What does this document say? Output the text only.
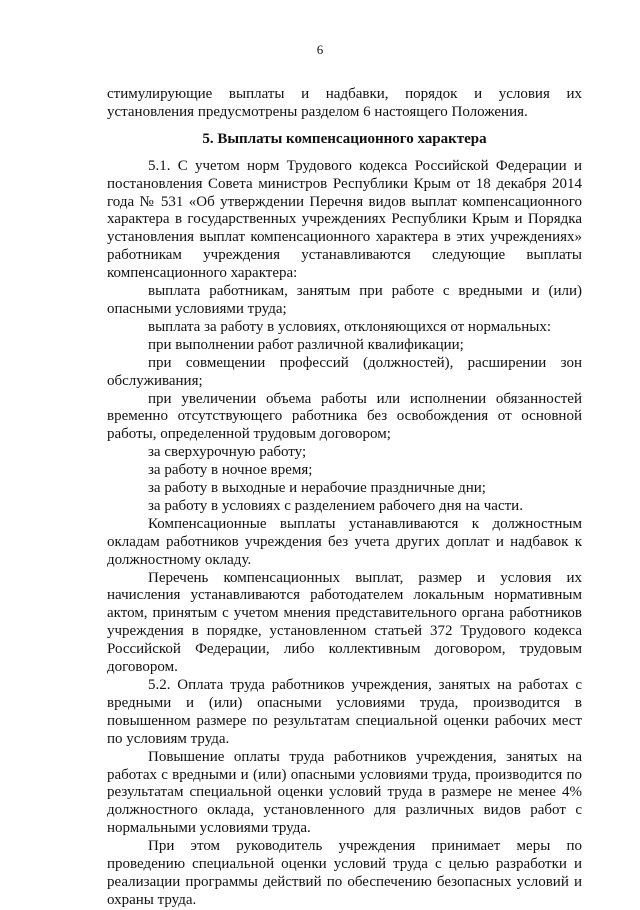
6

стимулирующие выплаты и надбавки, порядок и условия их установления предусмотрены разделом 6 настоящего Положения.

5. Выплаты компенсационного характера

5.1. С учетом норм Трудового кодекса Российской Федерации и постановления Совета министров Республики Крым от 18 декабря 2014 года № 531 «Об утверждении Перечня видов выплат компенсационного характера в государственных учреждениях Республики Крым и Порядка установления выплат компенсационного характера в этих учреждениях» работникам учреждения устанавливаются следующие выплаты компенсационного характера:

выплата работникам, занятым при работе с вредными и (или) опасными условиями труда;

выплата за работу в условиях, отклоняющихся от нормальных:

при выполнении работ различной квалификации;

при совмещении профессий (должностей), расширении зон обслуживания;

при увеличении объема работы или исполнении обязанностей временно отсутствующего работника без освобождения от основной работы, определенной трудовым договором;

за сверхурочную работу;

за работу в ночное время;

за работу в выходные и нерабочие праздничные дни;

за работу в условиях с разделением рабочего дня на части.

Компенсационные выплаты устанавливаются к должностным окладам работников учреждения без учета других доплат и надбавок к должностному окладу.

Перечень компенсационных выплат, размер и условия их начисления устанавливаются работодателем локальным нормативным актом, принятым с учетом мнения представительного органа работников учреждения в порядке, установленном статьей 372 Трудового кодекса Российской Федерации, либо коллективным договором, трудовым договором.

5.2. Оплата труда работников учреждения, занятых на работах с вредными и (или) опасными условиями труда, производится в повышенном размере по результатам специальной оценки рабочих мест по условиям труда.

Повышение оплаты труда работников учреждения, занятых на работах с вредными и (или) опасными условиями труда, производится по результатам специальной оценки условий труда в размере не менее 4% должностного оклада, установленного для различных видов работ с нормальными условиями труда.

При этом руководитель учреждения принимает меры по проведению специальной оценки условий труда с целью разработки и реализации программы действий по обеспечению безопасных условий и охраны труда.
